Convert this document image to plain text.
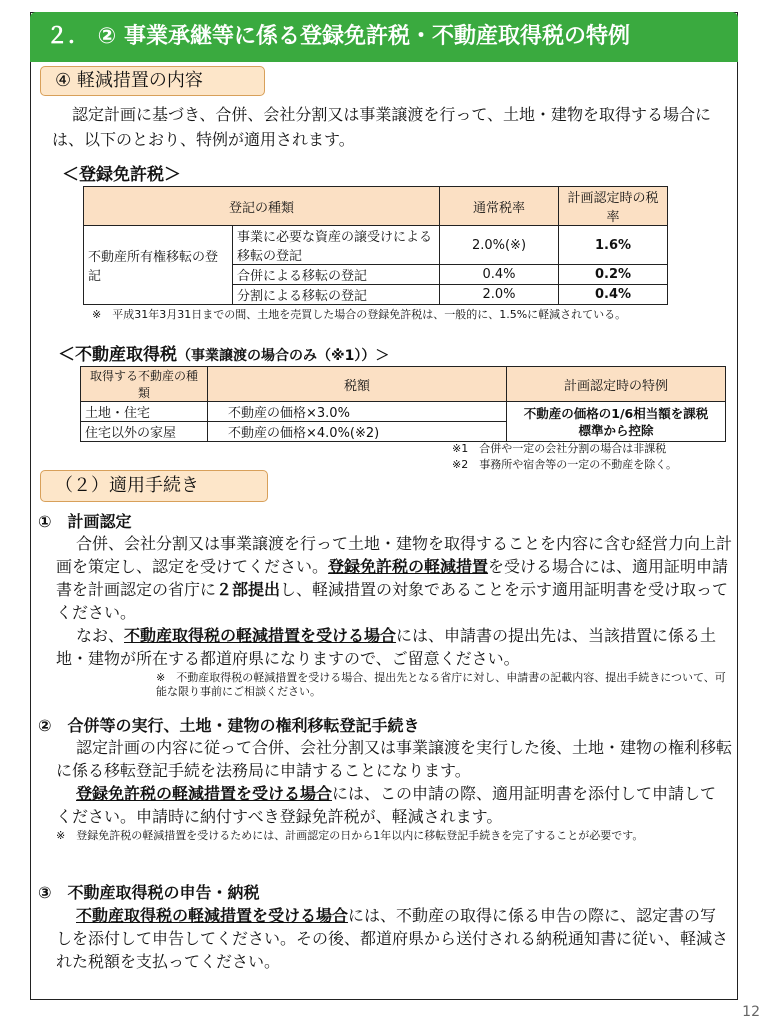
２． ② 事業承継等に係る登録免許税・不動産取得税の特例
④ 軽減措置の内容
認定計画に基づき、合併、会社分割又は事業譲渡を行って、土地・建物を取得する場合には、以下のとおり、特例が適用されます。
＜登録免許税＞
登記の種類		通常税率	計画認定時の税率
不動産所有権移転の登記	事業に必要な資産の譲受けによる移転の登記	2.0%(※)	1.6%
	合併による移転の登記	0.4%	0.2%
	分割による移転の登記	2.0%	0.4%
※　平成31年3月31日までの間、土地を売買した場合の登録免許税は、一般的に、1.5%に軽減されている。
＜不動産取得税（事業譲渡の場合のみ（※1））＞
取得する不動産の種類	税額	計画認定時の特例
土地・住宅	不動産の価格×3.0%	不動産の価格の1/6相当額を課税標準から控除
住宅以外の家屋	不動産の価格×4.0%(※2)	
※1　合併や一定の会社分割の場合は非課税
※2　事務所や宿舎等の一定の不動産を除く。
（２）適用手続き
①　計画認定
合併、会社分割又は事業譲渡を行って土地・建物を取得することを内容に含む経営力向上計画を策定し、認定を受けてください。登録免許税の軽減措置を受ける場合には、適用証明申請書を計画認定の省庁に２部提出し、軽減措置の対象であることを示す適用証明書を受け取ってください。
なお、不動産取得税の軽減措置を受ける場合には、申請書の提出先は、当該措置に係る土地・建物が所在する都道府県になりますので、ご留意ください。
※　不動産取得税の軽減措置を受ける場合、提出先となる省庁に対し、申請書の記載内容、提出手続きについて、可能な限り事前にご相談ください。
②　合併等の実行、土地・建物の権利移転登記手続き
認定計画の内容に従って合併、会社分割又は事業譲渡を実行した後、土地・建物の権利移転に係る移転登記手続を法務局に申請することになります。
登録免許税の軽減措置を受ける場合には、この申請の際、適用証明書を添付して申請してください。申請時に納付すべき登録免許税が、軽減されます。
※　登録免許税の軽減措置を受けるためには、計画認定の日から1年以内に移転登記手続きを完了することが必要です。
③　不動産取得税の申告・納税
不動産取得税の軽減措置を受ける場合には、不動産の取得に係る申告の際に、認定書の写しを添付して申告してください。その後、都道府県から送付される納税通知書に従い、軽減された税額を支払ってください。
12
